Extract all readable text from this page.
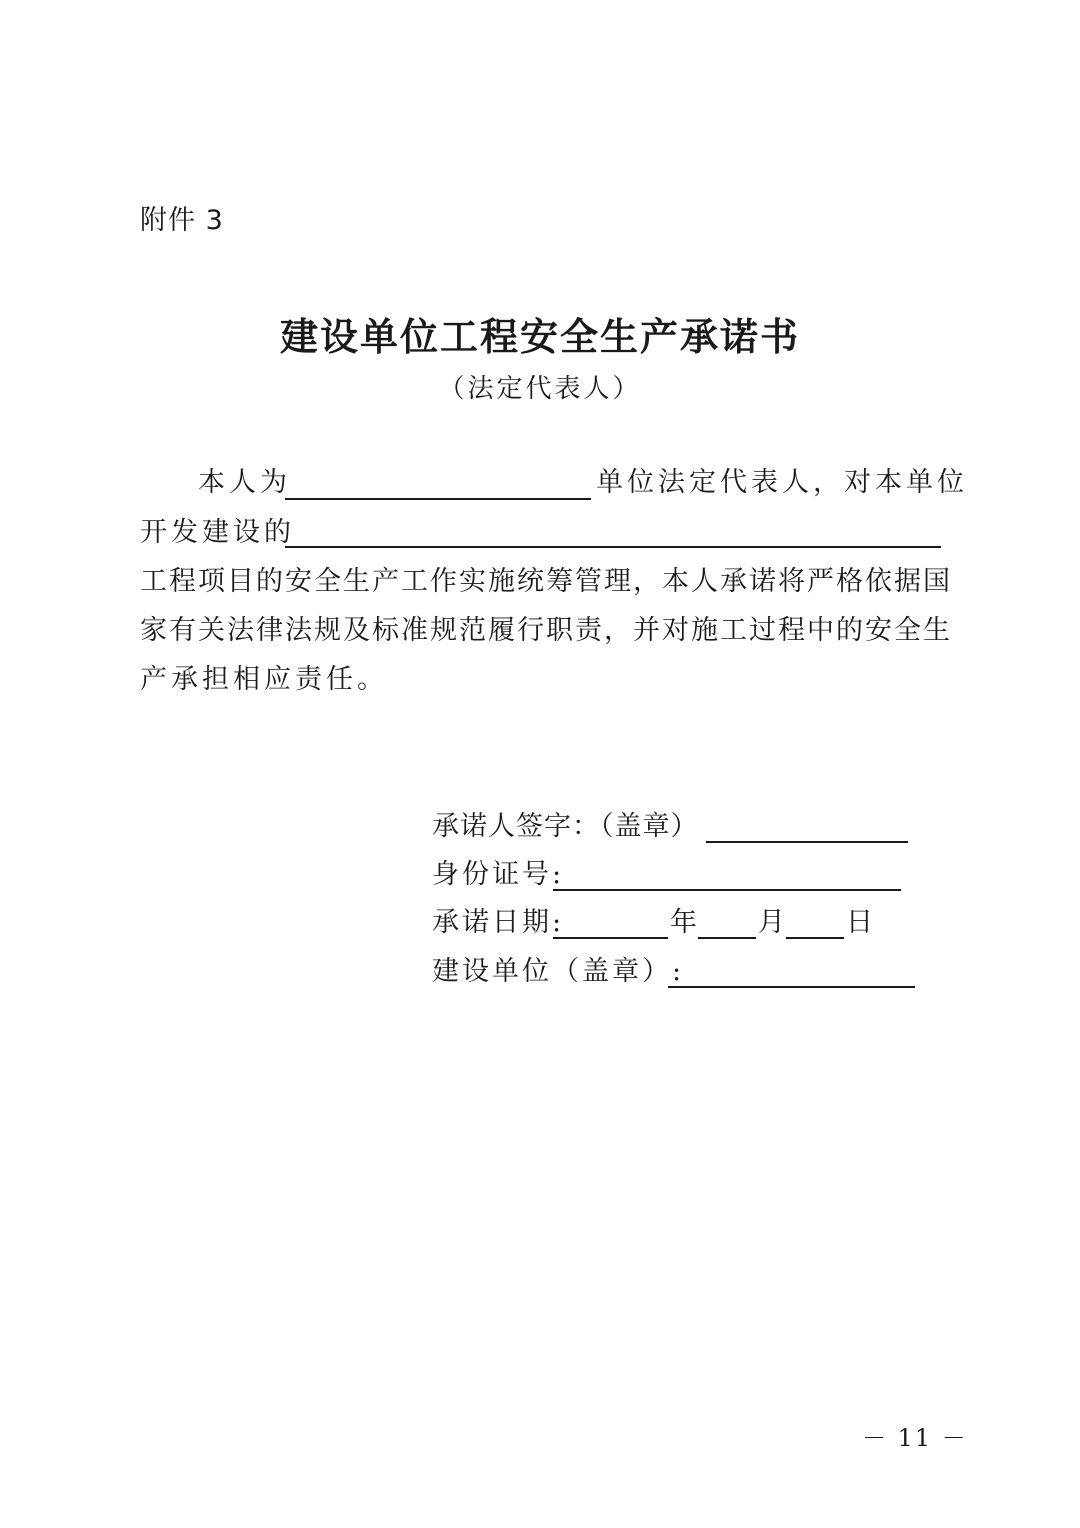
附件 3
建设单位工程安全生产承诺书
（法定代表人）
本人为	单位法定代表人，对本单位
开发建设的
工程项目的安全生产工作实施统筹管理，本人承诺将严格依据国
家有关法律法规及标准规范履行职责，并对施工过程中的安全生
产承担相应责任。
承诺人签字：（盖章）
身份证号:
承诺日期:	年 月 日
建设单位（盖章）:
－ 11 －
